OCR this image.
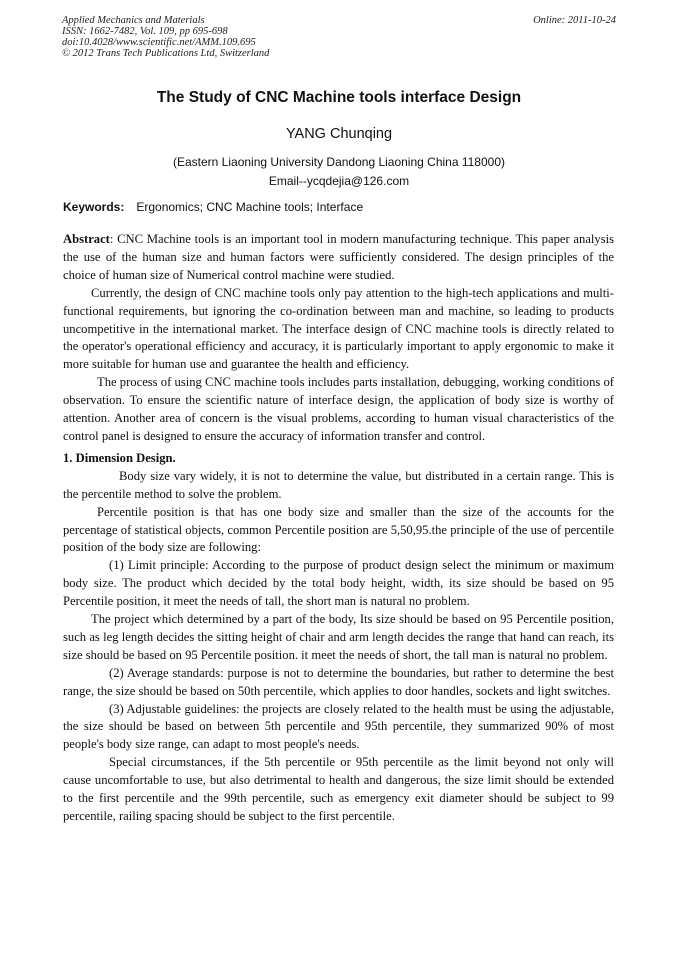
Applied Mechanics and Materials
ISSN: 1662-7482, Vol. 109, pp 695-698
doi:10.4028/www.scientific.net/AMM.109.695
© 2012 Trans Tech Publications Ltd, Switzerland
Online: 2011-10-24
The Study of CNC Machine tools interface Design
YANG Chunqing
(Eastern Liaoning University Dandong Liaoning China 118000)
Email--ycqdejia@126.com
Keywords: Ergonomics; CNC Machine tools; Interface

Abstract: CNC Machine tools is an important tool in modern manufacturing technique. This paper analysis the use of the human size and human factors were sufficiently considered. The design principles of the choice of human size of Numerical control machine were studied.

Currently, the design of CNC machine tools only pay attention to the high-tech applications and multi-functional requirements, but ignoring the co-ordination between man and machine, so leading to products uncompetitive in the international market. The interface design of CNC machine tools is directly related to the operator's operational efficiency and accuracy, it is particularly important to apply ergonomic to make it more suitable for human use and guarantee the health and efficiency.

The process of using CNC machine tools includes parts installation, debugging, working conditions of observation. To ensure the scientific nature of interface design, the application of body size is worthy of attention. Another area of concern is the visual problems, according to human visual characteristics of the control panel is designed to ensure the accuracy of information transfer and control.

1. Dimension Design.

Body size vary widely, it is not to determine the value, but distributed in a certain range. This is the percentile method to solve the problem.

Percentile position is that has one body size and smaller than the size of the accounts for the percentage of statistical objects, common Percentile position are 5,50,95.the principle of the use of percentile position of the body size are following:

(1) Limit principle: According to the purpose of product design select the minimum or maximum body size. The product which decided by the total body height, width, its size should be based on 95 Percentile position, it meet the needs of tall, the short man is natural no problem.

The project which determined by a part of the body, Its size should be based on 95 Percentile position, such as leg length decides the sitting height of chair and arm length decides the range that hand can reach, its size should be based on 95 Percentile position. it meet the needs of short, the tall man is natural no problem.

(2) Average standards: purpose is not to determine the boundaries, but rather to determine the best range, the size should be based on 50th percentile, which applies to door handles, sockets and light switches.

(3) Adjustable guidelines: the projects are closely related to the health must be using the adjustable, the size should be based on between 5th percentile and 95th percentile, they summarized 90% of most people's body size range, can adapt to most people's needs.

Special circumstances, if the 5th percentile or 95th percentile as the limit beyond not only will cause uncomfortable to use, but also detrimental to health and dangerous, the size limit should be extended to the first percentile and the 99th percentile, such as emergency exit diameter should be subject to 99 percentile, railing spacing should be subject to the first percentile.
